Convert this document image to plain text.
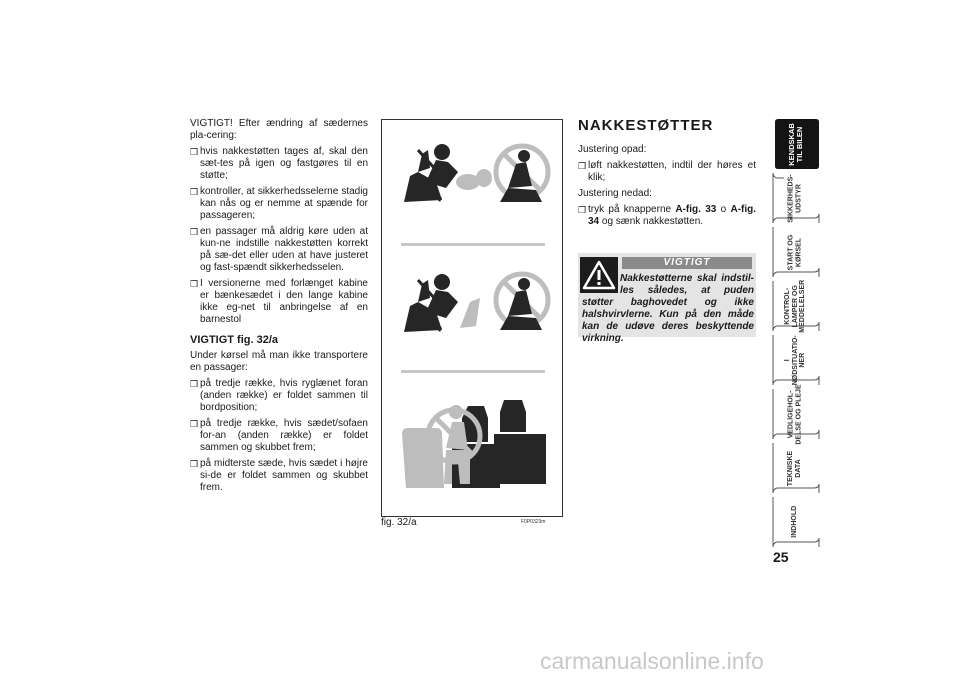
VIGTIGT! Efter ændring af sædernes pla-cering:

❒ hvis nakkestøtten tages af, skal den sæt-tes på igen og fastgøres til en støtte;
❒ kontroller, at sikkerhedsselerne stadig kan nås og er nemme at spænde for passageren;
❒ en passager må aldrig køre uden at kun-ne indstille nakkestøtten korrekt på sæ-det eller uden at have justeret og fast-spændt sikkerhedsselen.
❒ I versionerne med forlænget kabine er bænkesædet i den lange kabine ikke eg-net til anbringelse af en barnestol

VIGTIGT fig. 32/a

Under kørsel må man ikke transportere en passager:

❒ på tredje række, hvis ryglænet foran (anden række) er foldet sammen til bordposition;
❒ på tredje række, hvis sædet/sofaen for-an (anden række) er foldet sammen og skubbet frem;
❒ på midterste sæde, hvis sædet i højre si-de er foldet sammen og skubbet frem.
fig. 32/a	F0P0323m
NAKKESTØTTER

Justering opad:

❒ løft nakkestøtten, indtil der høres et klik;

Justering nedad:

❒ tryk på knapperne A-fig. 33 o A-fig. 34 og sænk nakkestøtten.
VIGTIGT
Nakkestøtterne skal indstil-les således, at puden støtter baghovedet og ikke halshvirvlerne. Kun på den måde kan de udøve deres beskyttende virkning.
KENDSKAB
TIL BILEN
SIKKERHEDS-
UDSTYR
START OG
KØRSEL
KONTROL-
LAMPER OG
MEDDELELSER
I
NØDSITUATIO-
NER
VEDLIGEHOL-
DELSE OG PLEJE
TEKNISKE
DATA
INDHOLD
25
carmanualsonline.info
